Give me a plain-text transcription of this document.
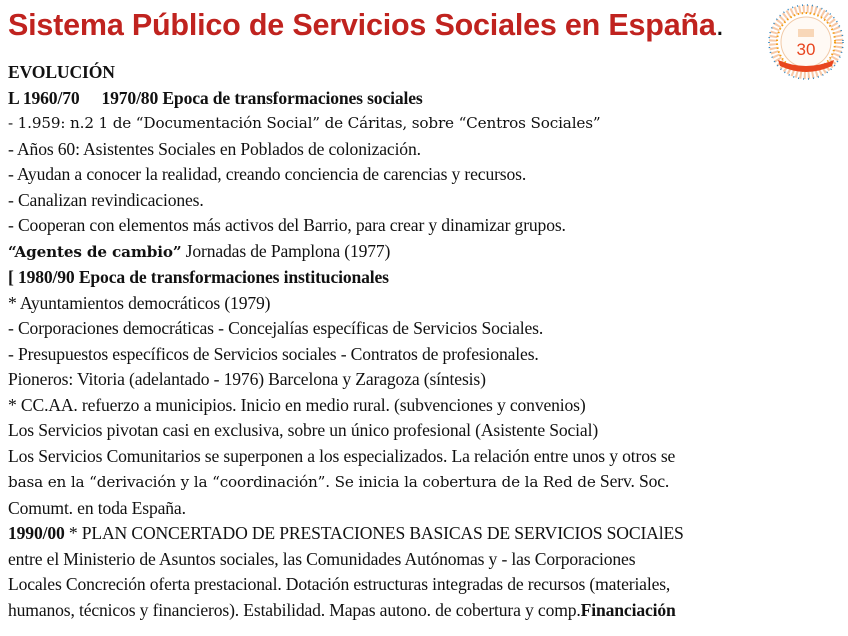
Sistema Público de Servicios Sociales en España.
30
EVOLUCIÓN
L 1960/70 1970/80 Epoca de transformaciones sociales
- 1.959: n.2 1 de “Documentación Social” de Cáritas, sobre “Centros Sociales”
- Años 60: Asistentes Sociales en Poblados de colonización.
- Ayudan a conocer la realidad, creando conciencia de carencias y recursos.
- Canalizan revindicaciones.
- Cooperan con elementos más activos del Barrio, para crear y dinamizar grupos.
“Agentes de cambio” Jornadas de Pamplona (1977)
[ 1980/90 Epoca de transformaciones institucionales
* Ayuntamientos democráticos (1979)
- Corporaciones democráticas - Concejalías específicas de Servicios Sociales.
- Presupuestos específicos de Servicios sociales - Contratos de profesionales.
Pioneros: Vitoria (adelantado - 1976) Barcelona y Zaragoza (síntesis)
* CC.AA. refuerzo a municipios. Inicio en medio rural. (subvenciones y convenios)
Los Servicios pivotan casi en exclusiva, sobre un único profesional (Asistente Social)
Los Servicios Comunitarios se superponen a los especializados. La relación entre unos y otros se
basa en la “derivación y la “coordinación”. Se inicia la cobertura de la Red de Serv. Soc.
Comumt. en toda España.
1990/00 * PLAN CONCERTADO DE PRESTACIONES BASICAS DE SERVICIOS SOCIAlES
entre el Ministerio de Asuntos sociales, las Comunidades Autónomas y - las Corporaciones
Locales Concreción oferta prestacional. Dotación estructuras integradas de recursos (materiales,
humanos, técnicos y financieros). Estabilidad. Mapas autono. de cobertura y comp.Financiación
